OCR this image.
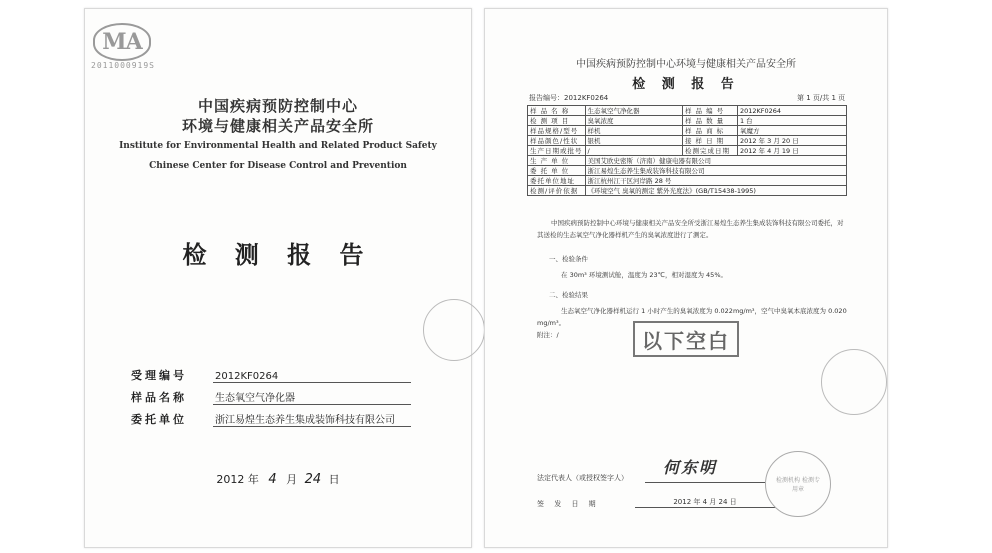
MA
2011000919S
中国疾病预防控制中心
环境与健康相关产品安全所
Institute for Environmental Health and Related Product Safety
Chinese Center for Disease Control and Prevention
检 测 报 告
受理编号	2012KF0264
样品名称	生态氧空气净化器
委托单位	浙江易煌生态养生集成装饰科技有限公司
2012 年 4 月 24 日
中国疾病预防控制中心环境与健康相关产品安全所
检 测 报 告
报告编号：2012KF0264	第 1 页/共 1 页
样 品 名 称	生态氧空气净化器	样 品 编 号	2012KF0264
检 测 项 目	臭氧浓度	样 品 数 量	1 台
样品规格/型号	样机	样 品 商 标	氧魔方
样品颜色/性状	银机	接 样 日 期	2012 年 3 月 20 日
生产日期或批号	/	检测完成日期	2012 年 4 月 19 日
生 产 单 位	美国艾欧史密斯（济南）健康电器有限公司		
委 托 单 位	浙江易煌生态养生集成装饰科技有限公司		
委托单位地址	浙江杭州江干区河岸路 28 号		
检测/评价依据	《环境空气 臭氧的测定 紫外光度法》(GB/T15438-1995)		
中国疾病预防控制中心环境与健康相关产品安全所受浙江易煌生态养生集成装饰科技有限公司委托，对其送检的生态氧空气净化器样机产生的臭氧浓度进行了测定。
一、检验条件
在 30m³ 环境测试舱，温度为 23℃，相对湿度为 45%。
二、检验结果
生态氧空气净化器样机运行 1 小时产生的臭氧浓度为 0.022mg/m³，空气中臭氧本底浓度为 0.020 mg/m³。
附注：/	以下空白
法定代表人（或授权签字人）
何东明
签 发 日 期	2012 年 4 月 24 日
检测机构 检测专用章
